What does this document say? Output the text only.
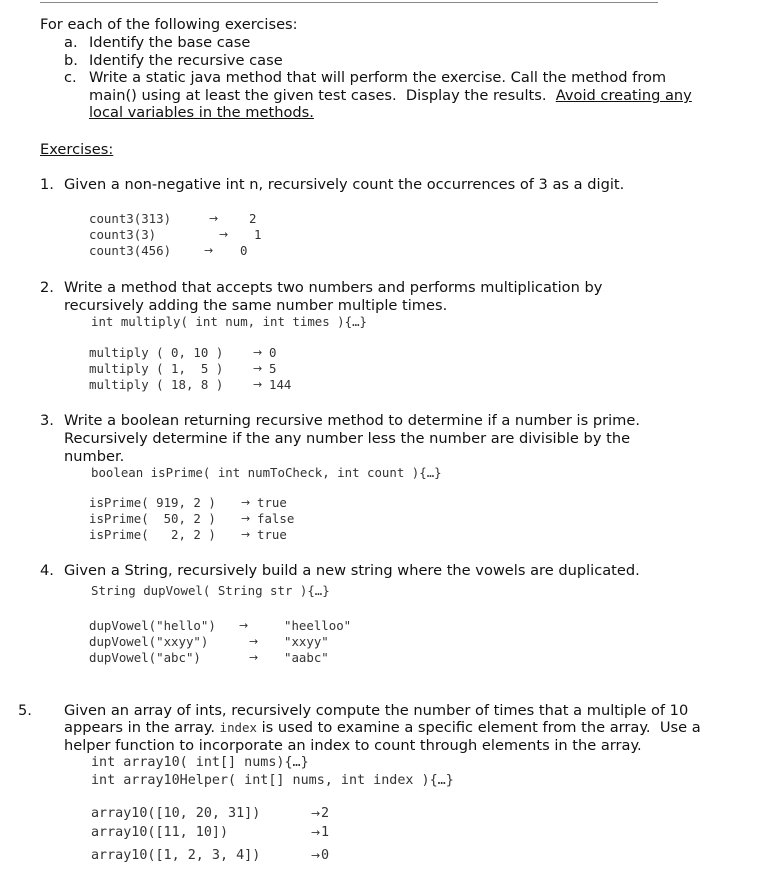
For each of the following exercises:
a. Identify the base case
b. Identify the recursive case
c. Write a static java method that will perform the exercise. Call the method from
main() using at least the given test cases.  Display the results.  Avoid creating any
local variables in the methods.
Exercises:
1. Given a non-negative int n, recursively count the occurrences of 3 as a digit.
count3(313)	→	2
count3(3)	→	1
count3(456)	→	0
2. Write a method that accepts two numbers and performs multiplication by
recursively adding the same number multiple times.
int multiply( int num, int times ){…}
multiply ( 0, 10 )	→ 0
multiply ( 1,  5 )	→ 5
multiply ( 18, 8 )	→ 144
3. Write a boolean returning recursive method to determine if a number is prime.
Recursively determine if the any number less the number are divisible by the
number.
boolean isPrime( int numToCheck, int count ){…}
isPrime( 919, 2 )	→ true
isPrime(  50, 2 )	→ false
isPrime(   2, 2 )	→ true
4. Given a String, recursively build a new string where the vowels are duplicated.
String dupVowel( String str ){…}
dupVowel("hello")	→	"heelloo"
dupVowel("xxyy")	→	"xxyy"
dupVowel("abc")	→	"aabc"
5. Given an array of ints, recursively compute the number of times that a multiple of 10
appears in the array. index is used to examine a specific element from the array.  Use a
helper function to incorporate an index to count through elements in the array.
int array10( int[] nums){…}
int array10Helper( int[] nums, int index ){…}
array10([10, 20, 31])	→2
array10([11, 10])	→1
array10([1, 2, 3, 4])	→0
